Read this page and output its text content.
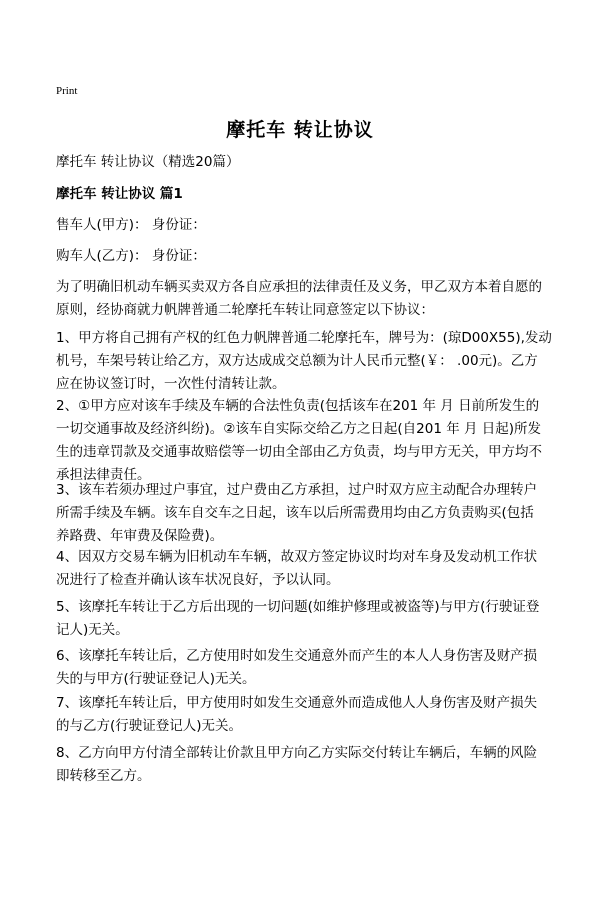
Print
摩托车 转让协议
摩托车 转让协议（精选20篇）
摩托车 转让协议 篇1
售车人(甲方)： 身份证：
购车人(乙方)： 身份证：
为了明确旧机动车辆买卖双方各自应承担的法律责任及义务，甲乙双方本着自愿的
原则，经协商就力帆牌普通二轮摩托车转让同意签定以下协议：
1、甲方将自己拥有产权的红色力帆牌普通二轮摩托车，牌号为：(琼D00X55),发动
机号，车架号转让给乙方，双方达成成交总额为计人民币元整(￥： .00元)。乙方
应在协议签订时，一次性付清转让款。
2、①甲方应对该车手续及车辆的合法性负责(包括该车在201 年 月 日前所发生的
一切交通事故及经济纠纷)。②该车自实际交给乙方之日起(自201 年 月 日起)所发
生的违章罚款及交通事故赔偿等一切由全部由乙方负责，均与甲方无关，甲方均不
承担法律责任。
3、该车若须办理过户事宜，过户费由乙方承担，过户时双方应主动配合办理转户
所需手续及车辆。该车自交车之日起，该车以后所需费用均由乙方负责购买(包括
养路费、年审费及保险费)。
4、因双方交易车辆为旧机动车车辆，故双方签定协议时均对车身及发动机工作状
况进行了检查并确认该车状况良好，予以认同。
5、该摩托车转让于乙方后出现的一切问题(如维护修理或被盗等)与甲方(行驶证登
记人)无关。
6、该摩托车转让后，乙方使用时如发生交通意外而产生的本人人身伤害及财产损
失的与甲方(行驶证登记人)无关。
7、该摩托车转让后，甲方使用时如发生交通意外而造成他人人身伤害及财产损失
的与乙方(行驶证登记人)无关。
8、乙方向甲方付清全部转让价款且甲方向乙方实际交付转让车辆后，车辆的风险
即转移至乙方。
